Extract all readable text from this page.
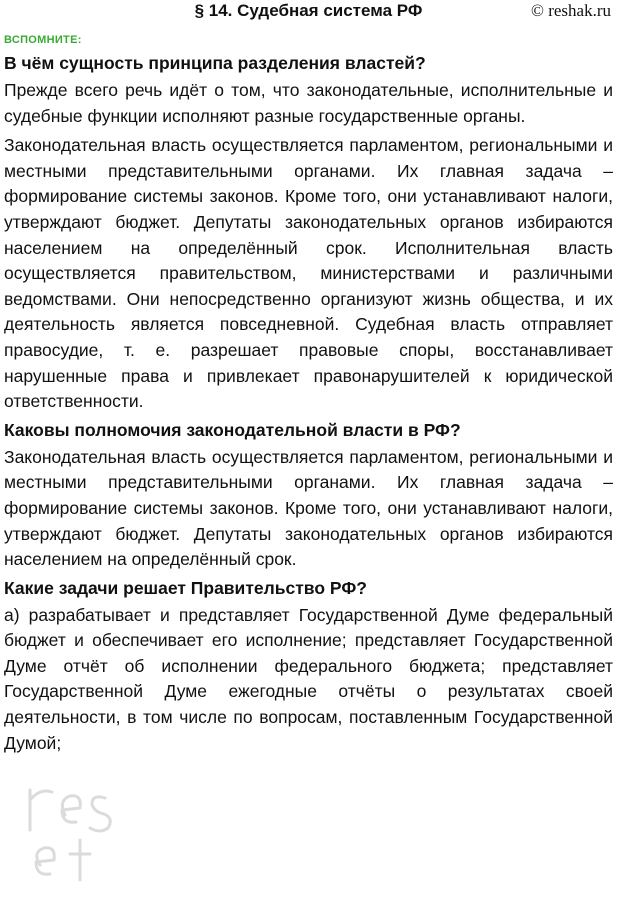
§ 14. Судебная система РФ	© reshak.ru
ВСПОМНИТЕ:
В чём сущность принципа разделения властей?

Прежде всего речь идёт о том, что законодательные, исполнительные и судебные функции исполняют разные государственные органы.

Законодательная власть осуществляется парламентом, региональными и местными представительными органами. Их главная задача – формирование системы законов. Кроме того, они устанавливают налоги, утверждают бюджет. Депутаты законодательных органов избираются населением на определённый срок. Исполнительная власть осуществляется правительством, министерствами и различными ведомствами. Они непосредственно организуют жизнь общества, и их деятельность является повседневной. Судебная власть отправляет правосудие, т. е. разрешает правовые споры, восстанавливает нарушенные права и привлекает правонарушителей к юридической ответственности.

Каковы полномочия законодательной власти в РФ?

Законодательная власть осуществляется парламентом, региональными и местными представительными органами. Их главная задача – формирование системы законов. Кроме того, они устанавливают налоги, утверждают бюджет. Депутаты законодательных органов избираются населением на определённый срок.

Какие задачи решает Правительство РФ?

а) разрабатывает и представляет Государственной Думе федеральный бюджет и обеспечивает его исполнение; представляет Государственной Думе отчёт об исполнении федерального бюджета; представляет Государственной Думе ежегодные отчёты о результатах своей деятельности, в том числе по вопросам, поставленным Государственной Думой;
